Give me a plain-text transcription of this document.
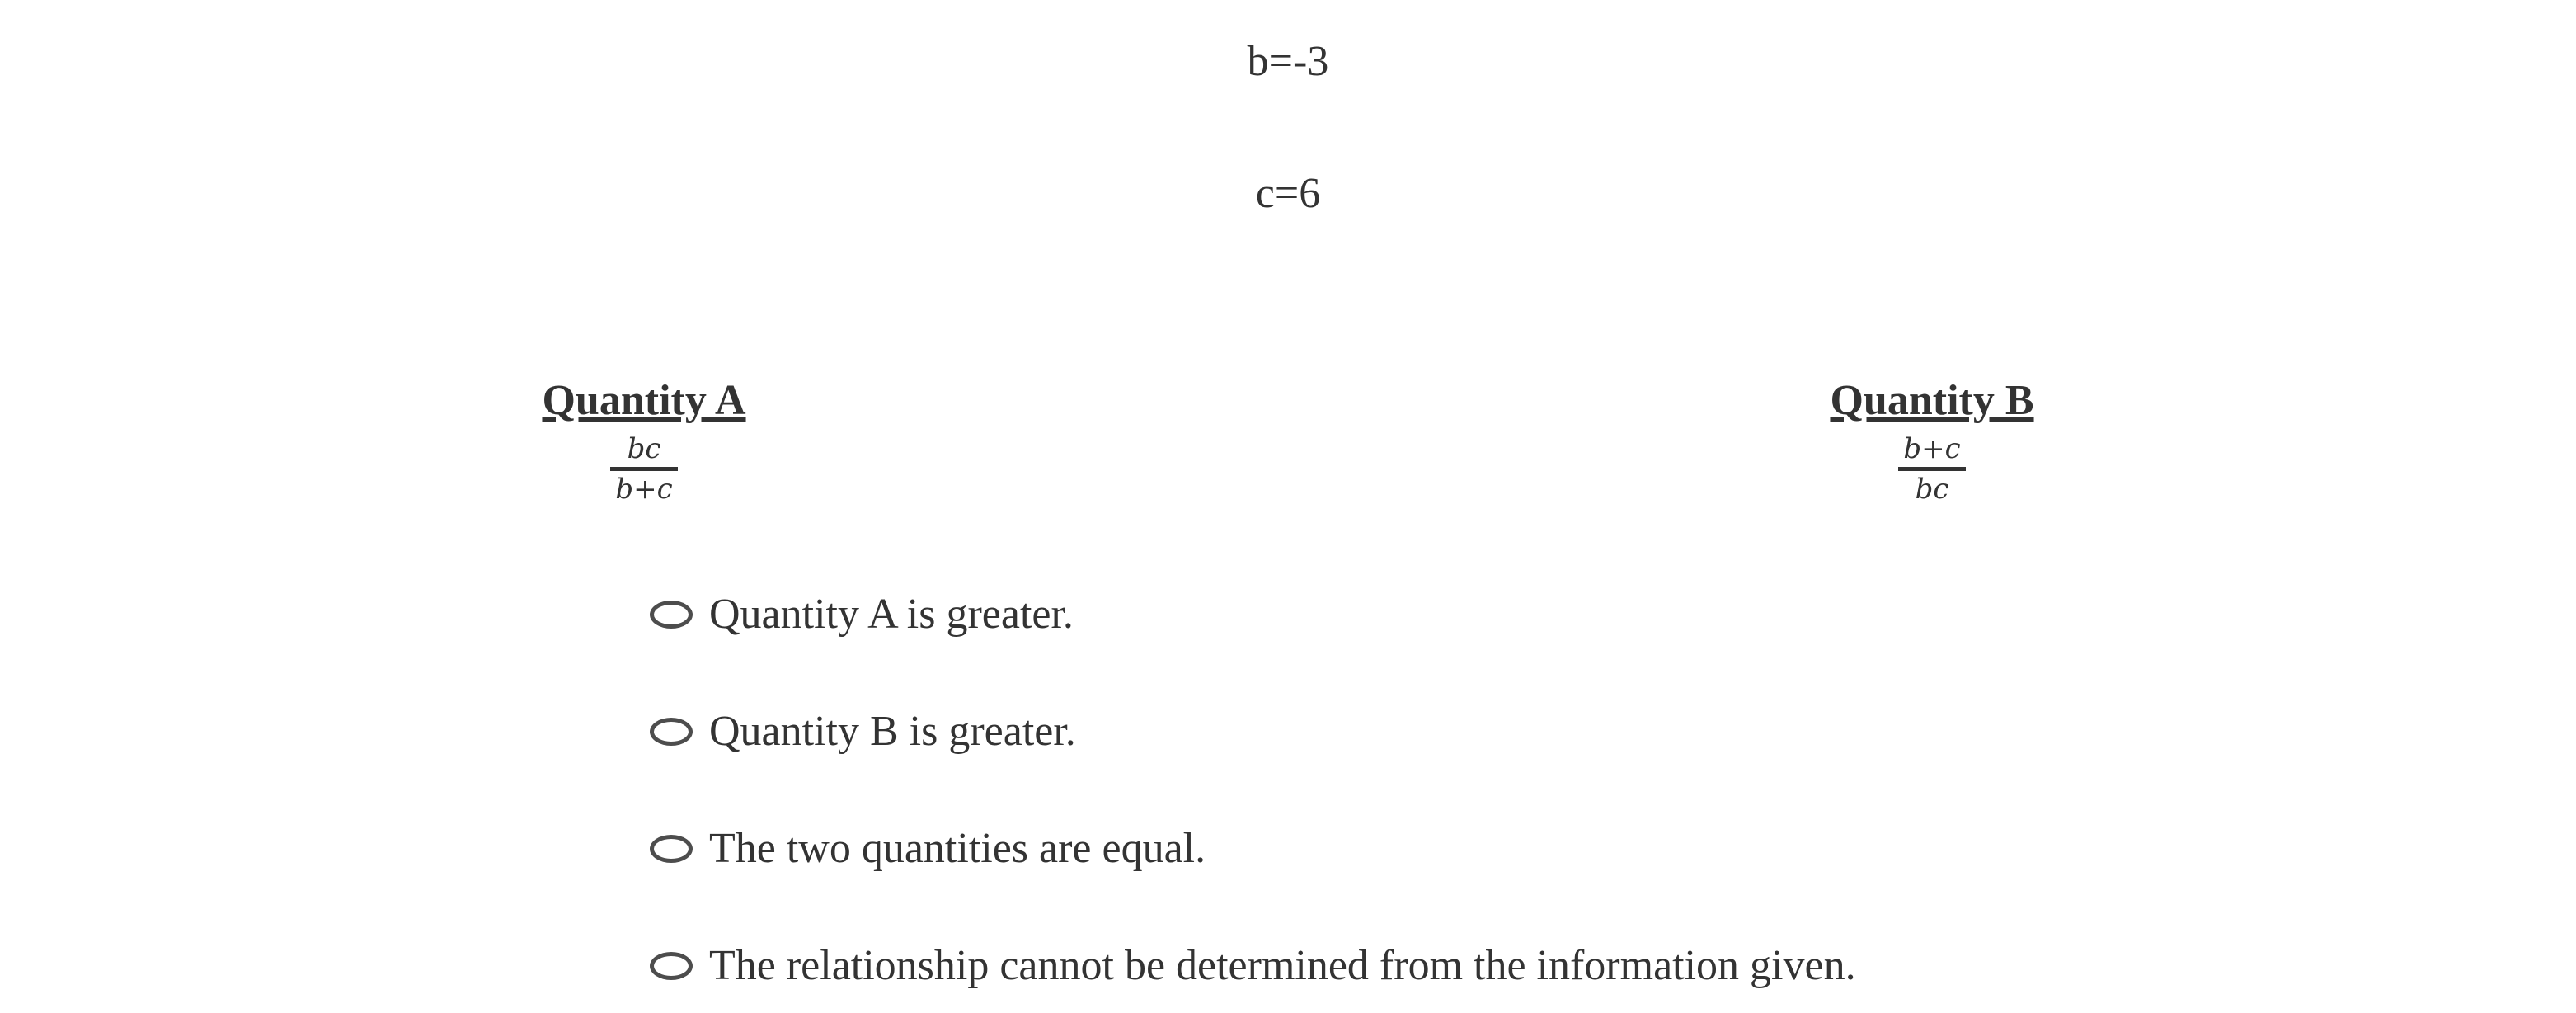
b=-3
c=6
Quantity A
$\frac{bc}{b+c}$
Quantity B
$\frac{b+c}{bc}$
Quantity A is greater.
Quantity B is greater.
The two quantities are equal.
The relationship cannot be determined from the information given.
